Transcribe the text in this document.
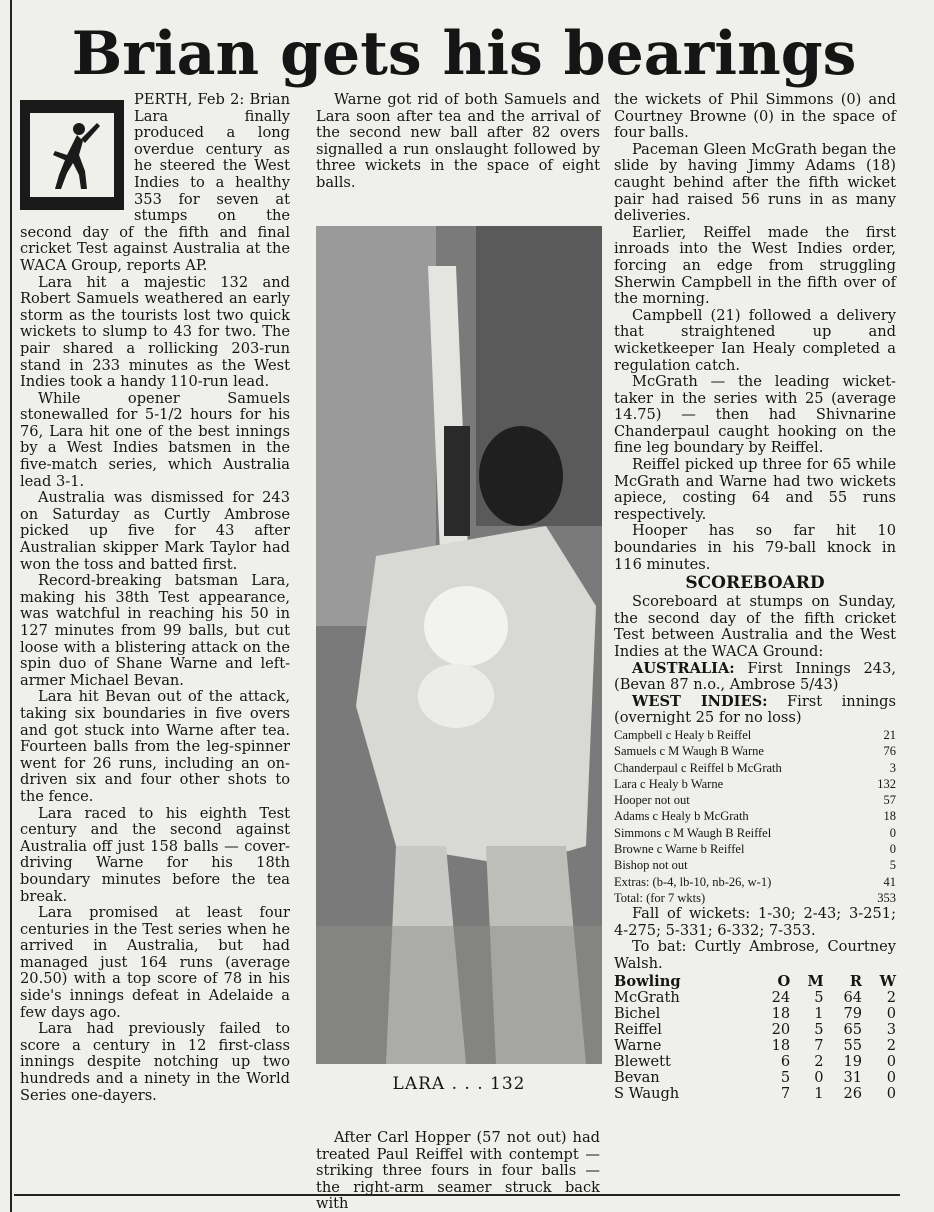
Brian gets his bearings

PERTH, Feb 2: Brian Lara finally produced a long overdue century as he steered the West Indies to a healthy 353 for seven at stumps on the second day of the fifth and final cricket Test against Australia at the WACA Group, reports AP.

Lara hit a majestic 132 and Robert Samuels weathered an early storm as the tourists lost two quick wickets to slump to 43 for two. The pair shared a rollicking 203-run stand in 233 minutes as the West Indies took a handy 110-run lead.

While opener Samuels stonewalled for 5-1/2 hours for his 76, Lara hit one of the best innings by a West Indies batsmen in the five-match series, which Australia lead 3-1.

Australia was dismissed for 243 on Saturday as Curtly Ambrose picked up five for 43 after Australian skipper Mark Taylor had won the toss and batted first.

Record-breaking batsman Lara, making his 38th Test appearance, was watchful in reaching his 50 in 127 minutes from 99 balls, but cut loose with a blistering attack on the spin duo of Shane Warne and left-armer Michael Bevan.

Lara hit Bevan out of the attack, taking six boundaries in five overs and got stuck into Warne after tea. Fourteen balls from the leg-spinner went for 26 runs, including an on-driven six and four other shots to the fence.

Lara raced to his eighth Test century and the second against Australia off just 158 balls — cover-driving Warne for his 18th boundary minutes before the tea break.

Lara promised at least four centuries in the Test series when he arrived in Australia, but had managed just 164 runs (average 20.50) with a top score of 78 in his side's innings defeat in Adelaide a few days ago.

Lara had previously failed to score a century in 12 first-class innings despite notching up two hundreds and a ninety in the World Series one-dayers.

Warne got rid of both Samuels and Lara soon after tea and the arrival of the second new ball after 82 overs signalled a run onslaught followed by three wickets in the space of eight balls.

LARA . . . 132

After Carl Hopper (57 not out) had treated Paul Reiffel with contempt — striking three fours in four balls — the right-arm seamer struck back with

the wickets of Phil Simmons (0) and Courtney Browne (0) in the space of four balls.

Paceman Gleen McGrath began the slide by having Jimmy Adams (18) caught behind after the fifth wicket pair had raised 56 runs in as many deliveries.

Earlier, Reiffel made the first inroads into the West Indies order, forcing an edge from struggling Sherwin Campbell in the fifth over of the morning.

Campbell (21) followed a delivery that straightened up and wicketkeeper Ian Healy completed a regulation catch.

McGrath — the leading wicket-taker in the series with 25 (average 14.75) — then had Shivnarine Chanderpaul caught hooking on the fine leg boundary by Reiffel.

Reiffel picked up three for 65 while McGrath and Warne had two wickets apiece, costing 64 and 55 runs respectively.

Hooper has so far hit 10 boundaries in his 79-ball knock in 116 minutes.

SCOREBOARD

Scoreboard at stumps on Sunday, the second day of the fifth cricket Test between Australia and the West Indies at the WACA Ground:

AUSTRALIA: First Innings 243, (Bevan 87 n.o., Ambrose 5/43)

WEST INDIES: First innings (overnight 25 for no loss)

Campbell c Healy b Reiffel	21
Samuels c M Waugh B Warne	76
Chanderpaul c Reiffel b McGrath	3
Lara c Healy b Warne	132
Hooper not out	57
Adams c Healy b McGrath	18
Simmons c M Waugh B Reiffel	0
Browne c Warne b Reiffel	0
Bishop not out	5
Extras: (b-4, lb-10, nb-26, w-1)	41
Total: (for 7 wkts)	353

Fall of wickets: 1-30; 2-43; 3-251; 4-275; 5-331; 6-332; 7-353.

To bat: Curtly Ambrose, Courtney Walsh.

Bowling	O	M	R	W
McGrath	24	5	64	2
Bichel	18	1	79	0
Reiffel	20	5	65	3
Warne	18	7	55	2
Blewett	6	2	19	0
Bevan	5	0	31	0
S Waugh	7	1	26	0
